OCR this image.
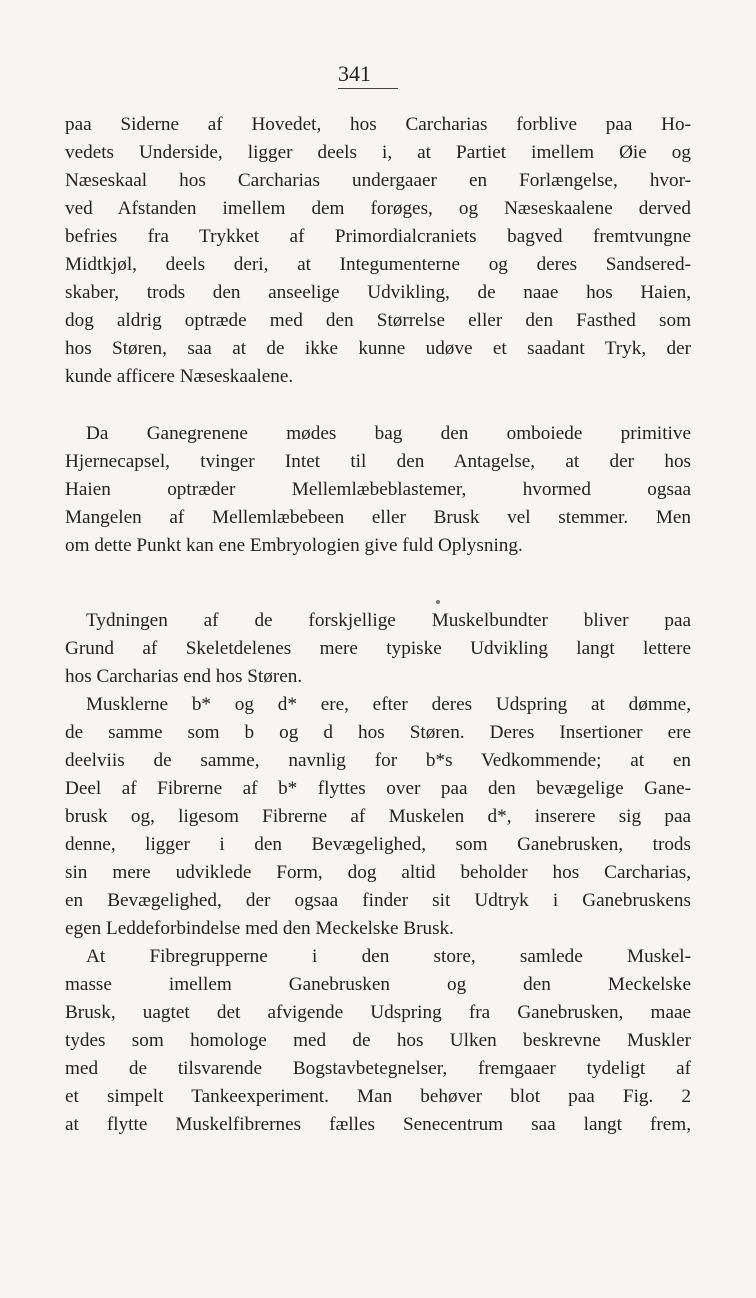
341
paa Siderne af Hovedet, hos Carcharias forblive paa Ho-
vedets Underside, ligger deels i, at Partiet imellem Øie og
Næseskaal hos Carcharias undergaaer en Forlængelse, hvor-
ved Afstanden imellem dem forøges, og Næseskaalene derved
befries fra Trykket af Primordialcraniets bagved fremtvungne
Midtkjøl, deels deri, at Integumenterne og deres Sandsered-
skaber, trods den anseelige Udvikling, de naae hos Haien,
dog aldrig optræde med den Størrelse eller den Fasthed som
hos Støren, saa at de ikke kunne udøve et saadant Tryk, der
kunde afficere Næseskaalene.
Da Ganegrenene mødes bag den omboiede primitive
Hjernecapsel, tvinger Intet til den Antagelse, at der hos
Haien optræder Mellemlæbeblastemer, hvormed ogsaa
Mangelen af Mellemlæbebeen eller Brusk vel stemmer. Men
om dette Punkt kan ene Embryologien give fuld Oplysning.
Tydningen af de forskjellige Muskelbundter bliver paa
Grund af Skeletdelenes mere typiske Udvikling langt lettere
hos Carcharias end hos Støren.
Musklerne b* og d* ere, efter deres Udspring at dømme,
de samme som b og d hos Støren. Deres Insertioner ere
deelviis de samme, navnlig for b*s Vedkommende; at en
Deel af Fibrerne af b* flyttes over paa den bevægelige Gane-
brusk og, ligesom Fibrerne af Muskelen d*, inserere sig paa
denne, ligger i den Bevægelighed, som Ganebrusken, trods
sin mere udviklede Form, dog altid beholder hos Carcharias,
en Bevægelighed, der ogsaa finder sit Udtryk i Ganebruskens
egen Leddeforbindelse med den Meckelske Brusk.
At Fibregrupperne i den store, samlede Muskel-
masse imellem Ganebrusken og den Meckelske
Brusk, uagtet det afvigende Udspring fra Ganebrusken, maae
tydes som homologe med de hos Ulken beskrevne Muskler
med de tilsvarende Bogstavbetegnelser, fremgaaer tydeligt af
et simpelt Tankeexperiment. Man behøver blot paa Fig. 2
at flytte Muskelfibrernes fælles Senecentrum saa langt frem,
